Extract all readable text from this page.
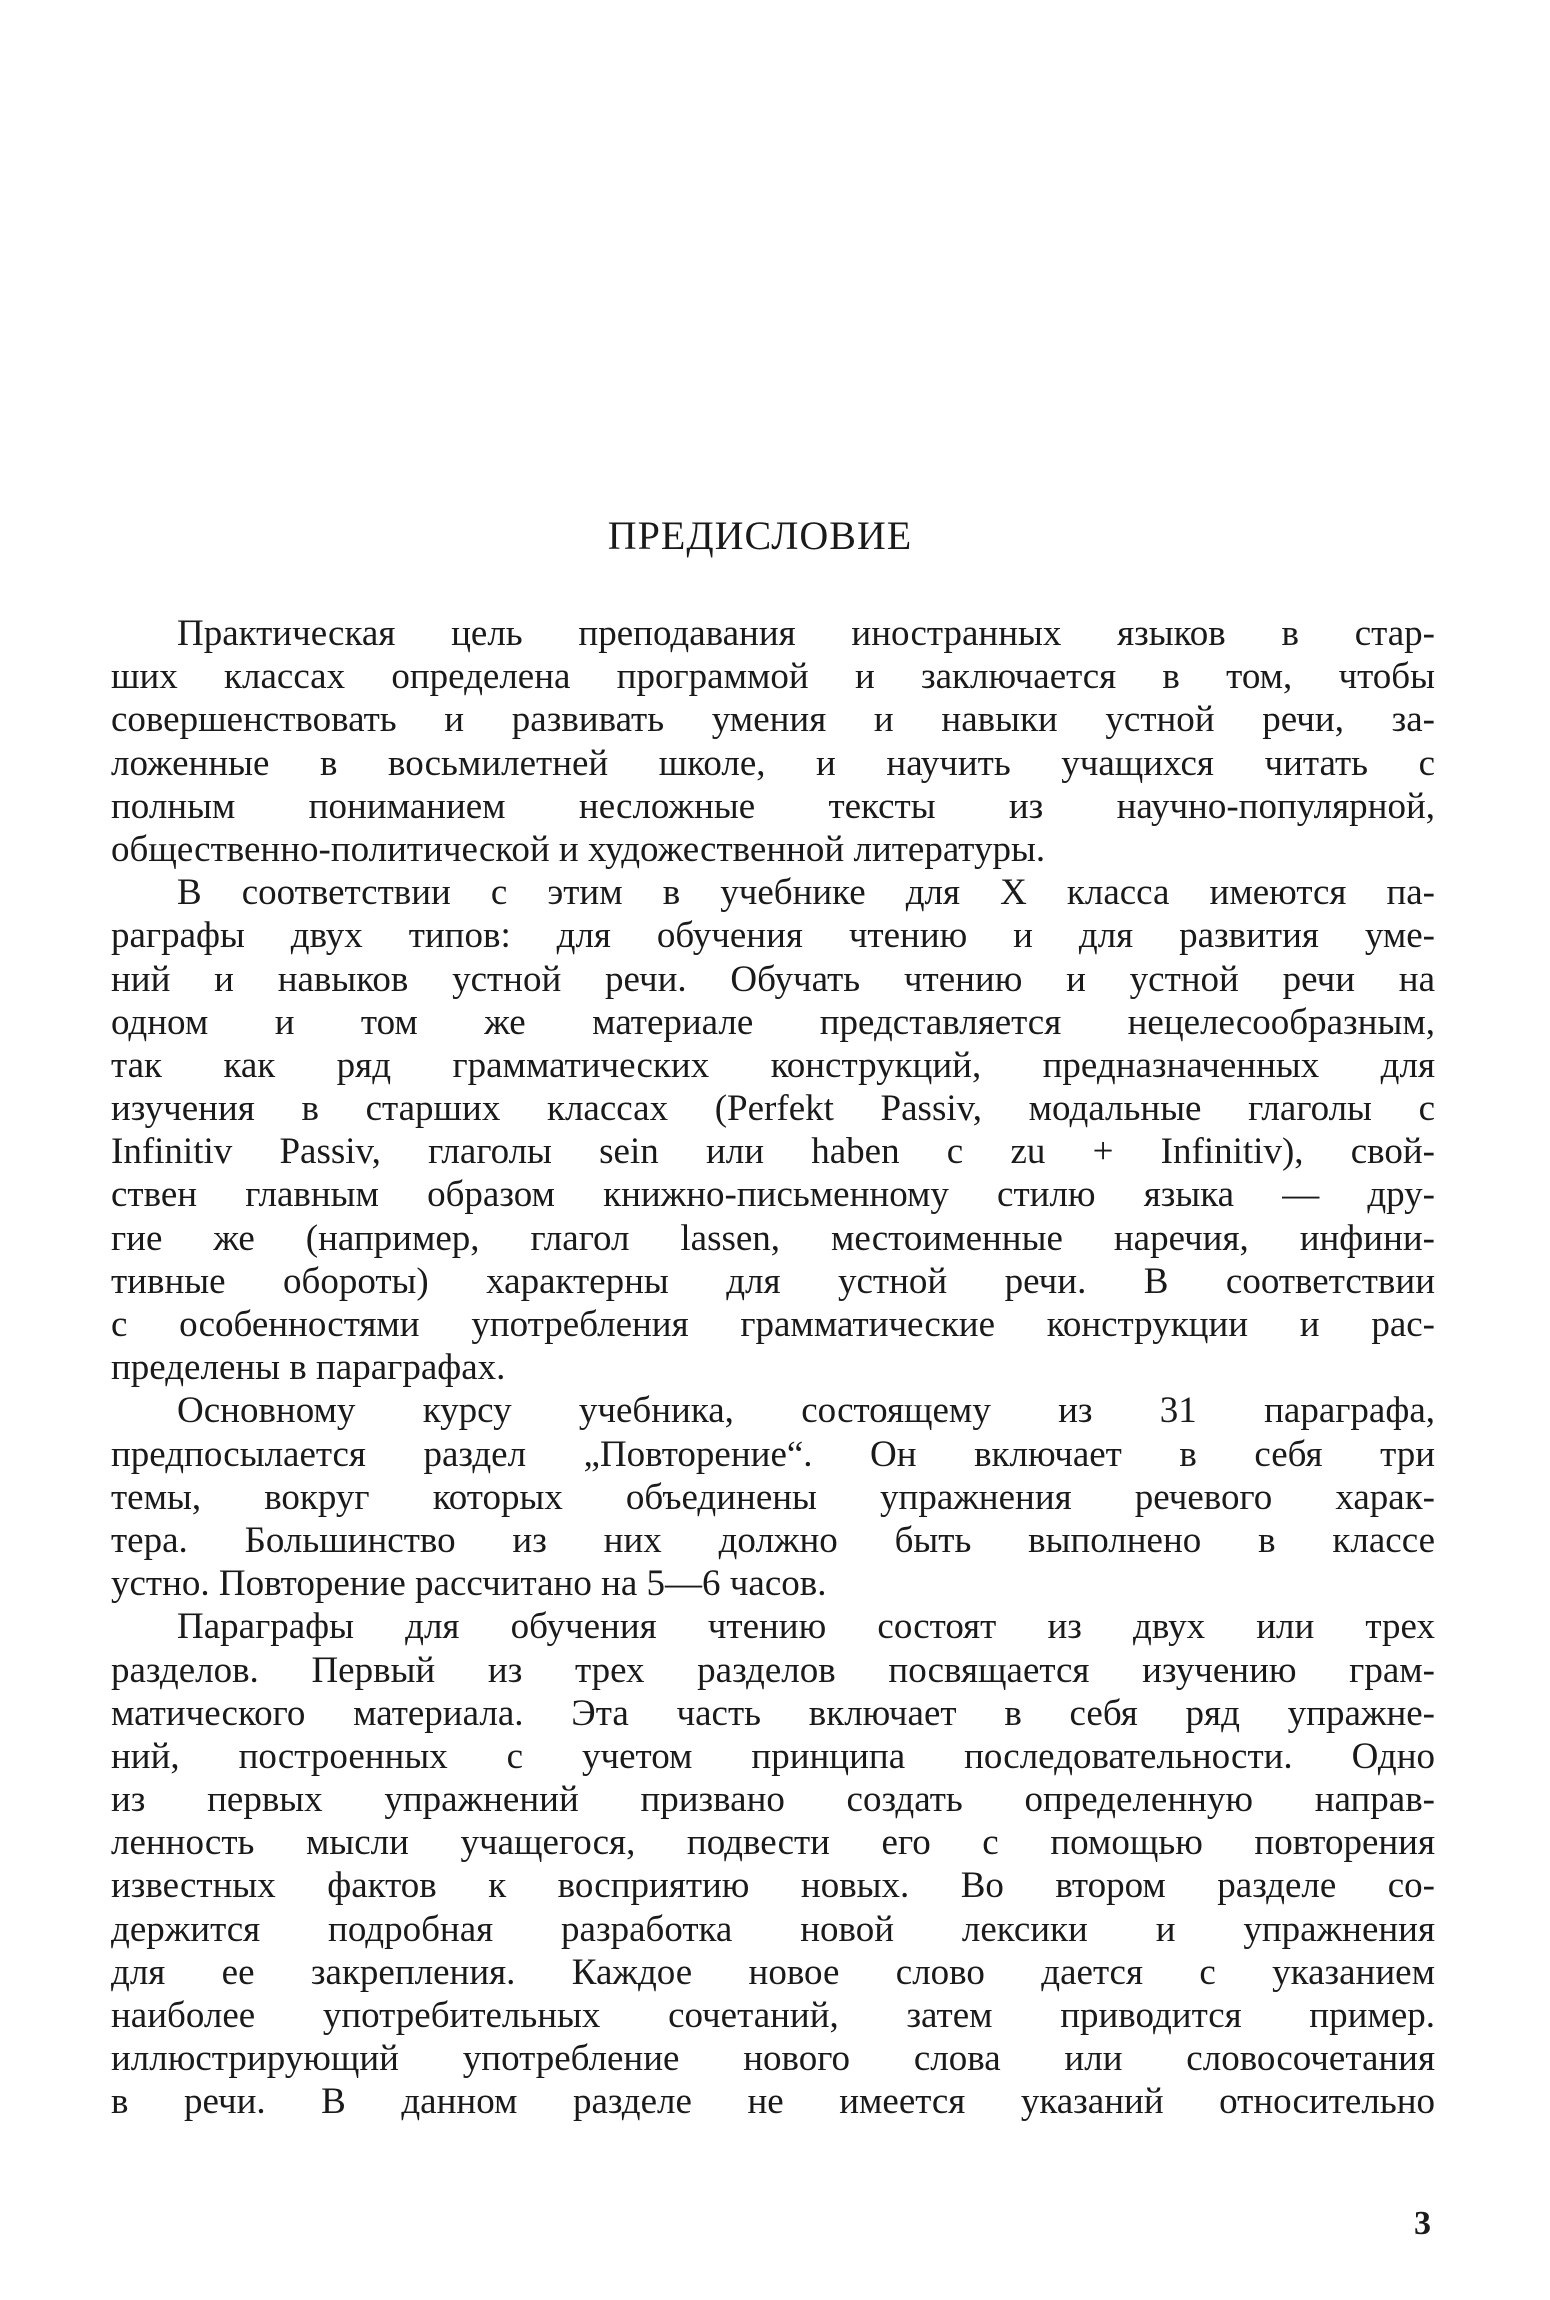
ПРЕДИСЛОВИЕ
Практическая цель преподавания иностранных языков в стар-
ших классах определена программой и заключается в том, чтобы
совершенствовать и развивать умения и навыки устной речи, за-
ложенные в восьмилетней школе, и научить учащихся читать с
полным пониманием несложные тексты из научно-популярной,
общественно-политической и художественной литературы.
В соответствии с этим в учебнике для X класса имеются па-
раграфы двух типов: для обучения чтению и для развития уме-
ний и навыков устной речи. Обучать чтению и устной речи на
одном и том же материале представляется нецелесообразным,
так как ряд грамматических конструкций, предназначенных для
изучения в старших классах (Perfekt Passiv, модальные глаголы с
Infinitiv Passiv, глаголы sein или haben с zu + Infinitiv), свой-
ствен главным образом книжно-письменному стилю языка — дру-
гие же (например, глагол lassen, местоименные наречия, инфини-
тивные обороты) характерны для устной речи. В соответствии
с особенностями употребления грамматические конструкции и рас-
пределены в параграфах.
Основному курсу учебника, состоящему из 31 параграфа,
предпосылается раздел „Повторение“. Он включает в себя три
темы, вокруг которых объединены упражнения речевого харак-
тера. Большинство из них должно быть выполнено в классе
устно. Повторение рассчитано на 5—6 часов.
Параграфы для обучения чтению состоят из двух или трех
разделов. Первый из трех разделов посвящается изучению грам-
матического материала. Эта часть включает в себя ряд упражне-
ний, построенных с учетом принципа последовательности. Одно
из первых упражнений призвано создать определенную направ-
ленность мысли учащегося, подвести его с помощью повторения
известных фактов к восприятию новых. Во втором разделе со-
держится подробная разработка новой лексики и упражнения
для ее закрепления. Каждое новое слово дается с указанием
наиболее употребительных сочетаний, затем приводится пример.
иллюстрирующий употребление нового слова или словосочетания
в речи. В данном разделе не имеется указаний относительно
3
